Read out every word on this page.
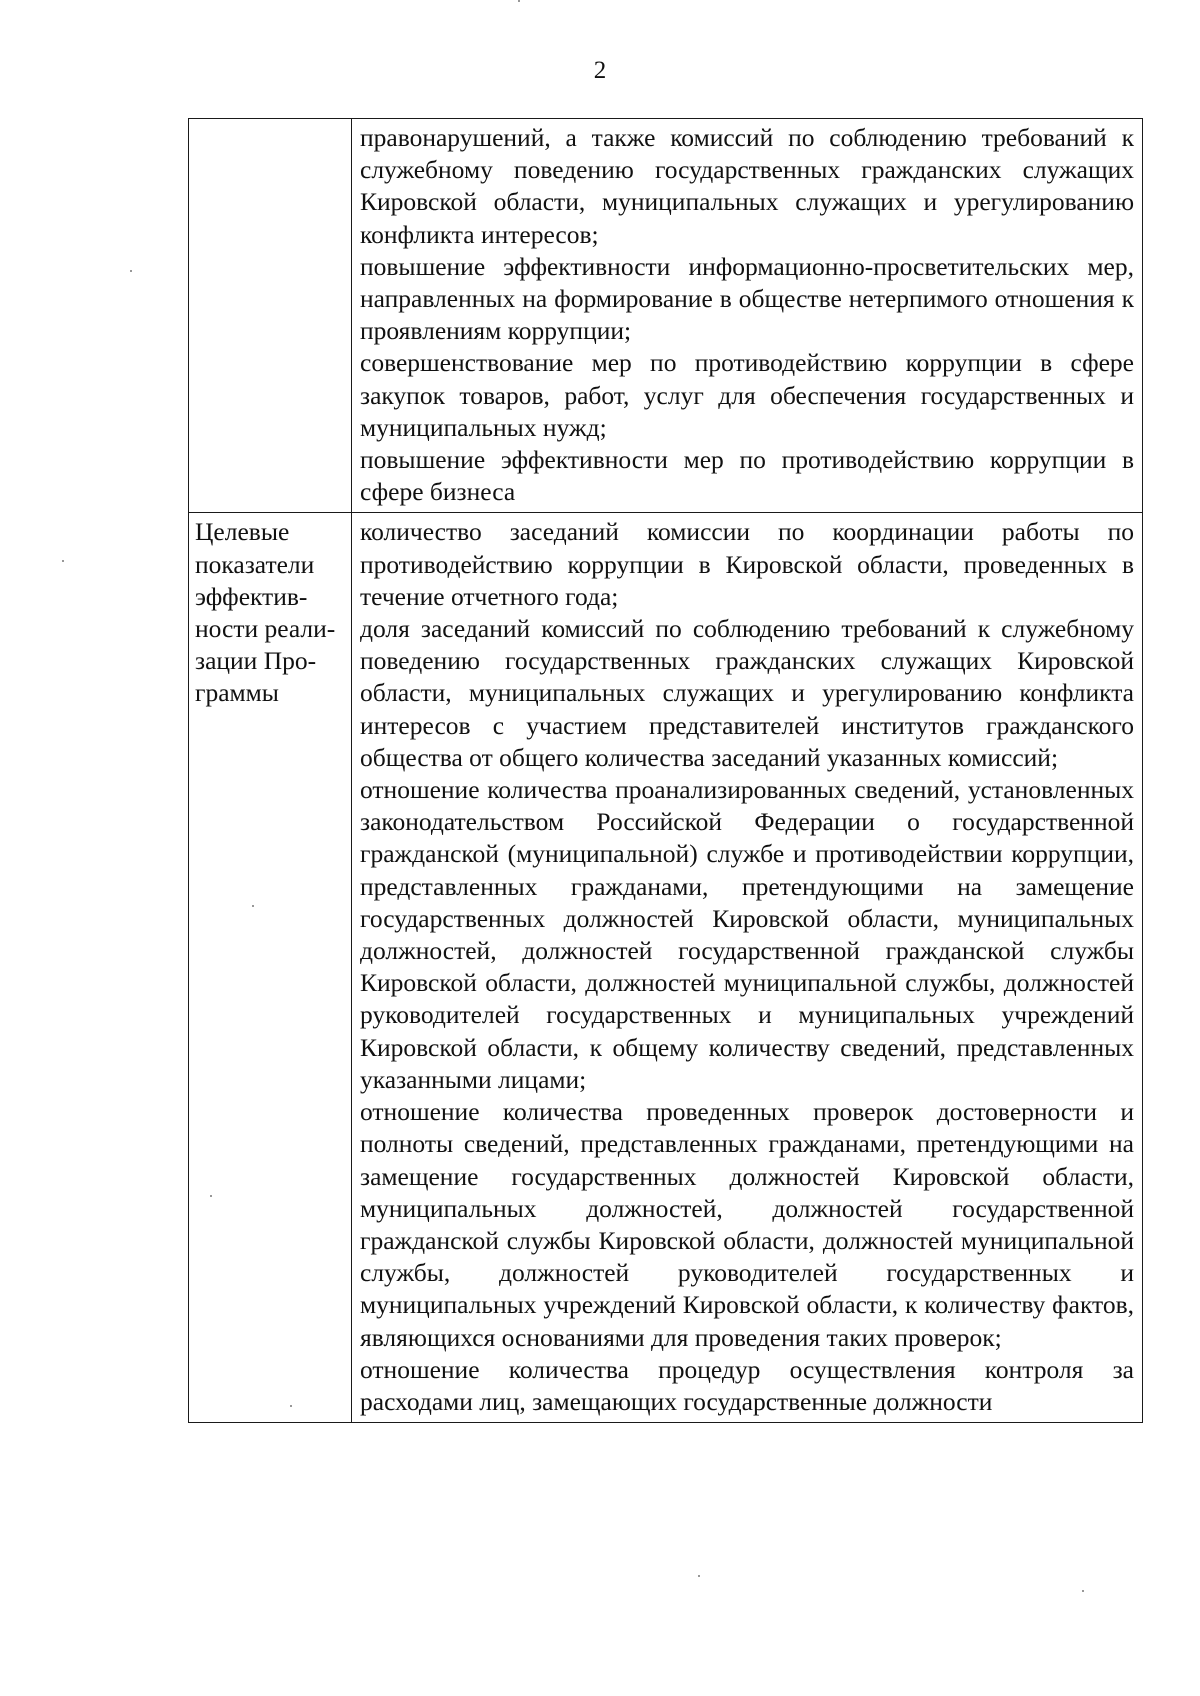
2

	правонарушений, а также комиссий по соблюдению требований к служебному поведению государственных гражданских служащих Кировской области, муниципальных служащих и урегулированию конфликта интересов;
повышение эффективности информационно-просветительских мер, направленных на формирование в обществе нетерпимого отношения к проявлениям коррупции;
совершенствование мер по противодействию коррупции в сфере закупок товаров, работ, услуг для обеспечения государственных и муниципальных нужд;
повышение эффективности мер по противодействию коррупции в сфере бизнеса

Целевые показатели эффектив-ности реали-зации Про-граммы	количество заседаний комиссии по координации работы по противодействию коррупции в Кировской области, проведенных в течение отчетного года;
доля заседаний комиссий по соблюдению требований к служебному поведению государственных гражданских служащих Кировской области, муниципальных служащих и урегулированию конфликта интересов с участием представителей институтов гражданского общества от общего количества заседаний указанных комиссий;
отношение количества проанализированных сведений, установленных законодательством Российской Федерации о государственной гражданской (муниципальной) службе и противодействии коррупции, представленных гражданами, претендующими на замещение государственных должностей Кировской области, муниципальных должностей, должностей государственной гражданской службы Кировской области, должностей муниципальной службы, должностей руководителей государственных и муниципальных учреждений Кировской области, к общему количеству сведений, представленных указанными лицами;
отношение количества проведенных проверок достоверности и полноты сведений, представленных гражданами, претендующими на замещение государственных должностей Кировской области, муниципальных должностей, должностей государственной гражданской службы Кировской области, должностей муниципальной службы, должностей руководителей государственных и муниципальных учреждений Кировской области, к количеству фактов, являющихся основаниями для проведения таких проверок;
отношение количества процедур осуществления контроля за расходами лиц, замещающих государственные должности
